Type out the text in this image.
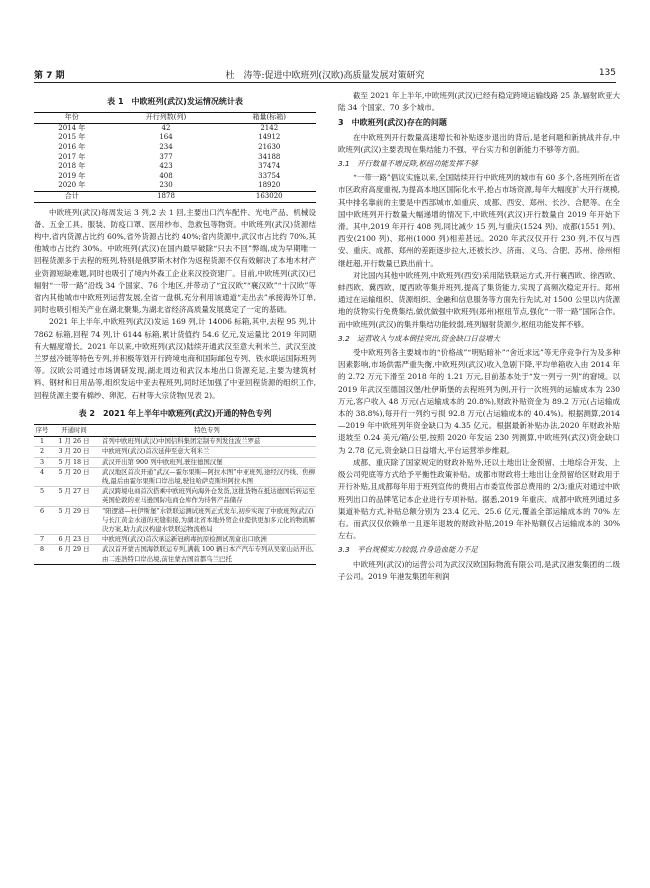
第 7 期	杜　涛等:促进中欧班列(汉欧)高质量发展对策研究	135
表 1　中欧班列(武汉)发运情况统计表
年份	开行列数(列)	箱量(标箱)
2014 年	42	2142
2015 年	164	14912
2016 年	234	21630
2017 年	377	34188
2018 年	423	37474
2019 年	408	33754
2020 年	230	18920
合计	1878	163020

中欧班列(武汉)每周发运 3 列,2 去 1 回,主要出口汽车配件、光电产品、机械设备、五金工具、服装、防疫口罩、医用纱布、急救包等物资。中欧班列(武汉)货源结构中,省内货源占比约 60%,省外货源占比约 40%;省内货源中,武汉市占比约 70%,其他城市占比约 30%。中欧班列(武汉)在国内最早破除“只去不回”弊端,成为早期唯一回程货源多于去程的班列,特别是俄罗斯木材作为返程货源不仅有效解决了本地木材产业资源短缺难题,同时也吸引了境内外森工企业来汉投资建厂。目前,中欧班列(武汉)已辐射“一带一路”沿线 34 个国家、76 个地区,并带动了“宜汉欧”“襄汉欧”“十汉欧”等省内其他城市中欧班列运营发展,全省一盘棋,充分利用该通道“走出去”承接海外订单,同时也吸引相关产业在湖北聚集,为湖北省经济高质量发展奠定了一定的基础。

2021 年上半年,中欧班列(武汉)发运 169 列,计 14006 标箱,其中,去程 95 列,计 7862 标箱,回程 74 列,计 6144 标箱,累计货值约 54.6 亿元,发运量比 2019 年同期有大幅度增长。2021 年以来,中欧班列(武汉)陆续开通武汉至意大利米兰、武汉至波兰罗兹冷链等特色专列,并积极等划开行跨境电商和国际邮包专列、铁水联运国际班列等。汉欧公司通过市场调研发现,湖北周边和武汉本地出口货源充足,主要为建筑材料、钢材和日用品等,组织发运中亚去程班列,同时还加强了中亚回程货源的组织工作,回程货源主要有棉纱、卵泥、石材等大宗货物(见表 2)。

表 2　2021 年上半年中欧班列(武汉)开通的特色专列
序号	开通时间	特色专列
1	1 月 26 日	首列中欧班列(武汉)中国信科集团定制专列发往波兰罗兹
2	3 月 20 日	中欧班列(武汉)首次延伸至意大利米兰
3	5 月 18 日	武汉开出第 900 列中欧班列,驶往德国汉堡
4	5 月 20 日	武汉地区首次开通“武汉—霍尔果斯—阿拉木图”中亚班列,途经汉丹线、焦柳线,最后由霍尔果斯口岸出境,驶往哈萨克斯坦阿拉木图
5	5 月 27 日	武汉跨境电商首次搭乘中欧班列向海外仓发货,这批货物在抵达德国后转运至英国伦敦的亚马逊国际电商仓库作为待售产品储存
6	5 月 29 日	“阳逻港—杜伊斯堡”水铁联运测试班列正式发车,初步实现了中欧班列(武汉)与长江黄金水道的无缝衔接,为湖北省本地外贸企业提供更加多元化的物流解决方案,助力武汉构建水铁联运物流格局
7	6 月 23 日	中欧班列(武汉)首次承运新冠病毒抗原检测试剂盒出口欧洲
8	6 月 29 日	武汉首开蒙古国海铁联运专列,满载 100 辆日本产汽车专列从吴家山站开出,由二连浩特口岸出境,前往蒙古国首都乌兰巴托

截至 2021 年上半年,中欧班列(武汉)已经有稳定跨境运输线路 25 条,辐射欧亚大陆 34 个国家、70 多个城市。

3　中欧班列(武汉)存在的问题

在中欧班列开行数量高速增长和补贴逐步退出的背后,是老问题和新挑战并存,中欧班列(武汉)主要表现在集结能力不强、平台实力和创新能力不够等方面。

3.1　开行数量不增反降,枢纽功能发挥不够

“一带一路”倡议实施以来,全国陆续开行中欧班列的城市有 60 多个,各班列所在省市区政府高度重视,为提高本地区国际化水平,抢占市场资源,每年大幅度扩大开行规模,其中排名靠前的主要是中西部城市,如重庆、成都、西安、郑州、长沙、合肥等。在全国中欧班列开行数量大幅递增的情况下,中欧班列(武汉)开行数量自 2019 年开始下滑。其中,2019 年开行 408 列,同比减少 15 列,与重庆(1524 列)、成都(1551 列)、西安(2100 列)、郑州(1000 列)相差甚远。2020 年武汉仅开行 230 列,不仅与西安、重庆、成都、郑州的差距逐步拉大,还被长沙、济南、义乌、合肥、苏州、徐州相继赶超,开行数量已跌出前十。

对比国内其他中欧班列,中欧班列(西安)采用陆铁联运方式,开行襄西欧、徐西欧、蚌西欧、冀西欧、厦西欧等集并班列,提高了集货能力,实现了高频次稳定开行。郑州通过在运输组织、货源组织、金融和信息服务等方面先行先试,对 1500 公里以内货源地的货物实行免费集结,做优做强中欧班列(郑州)枢纽节点,强化“一带一路”国际合作。而中欧班列(武汉)的集并集结功能较弱,班列辐射货源少,枢纽功能发挥不够。

3.2　运营收入与成本倒挂突出,资金缺口日益增大

受中欧班列各主要城市的“价格战”“明贴暗补”“舍近求远”等无序竞争行为及多种因素影响,市场供需严重失衡,中欧班列(武汉)收入急剧下降,平均单箱收入由 2014 年的 2.72 万元下滑至 2018 年的 1.21 万元,目前基本处于“发一列亏一列”的窘境。以 2019 年武汉至德国汉堡/杜伊斯堡的去程班列为例,开行一次班列的运输成本为 230 万元,客户收入 48 万元(占运输成本的 20.8%),财政补贴资金为 89.2 万元(占运输成本的 38.8%),每开行一列约亏损 92.8 万元(占运输成本的 40.4%)。根据测算,2014—2019 年中欧班列年资金缺口为 4.35 亿元。根据最新补贴办法,2020 年财政补贴退坡至 0.24 美元/箱/公里,按照 2020 年发运 230 列测算,中欧班列(武汉)资金缺口为 2.78 亿元,资金缺口日益增大,平台运营举步维艰。

成都、重庆除了国家规定的财政补贴外,还以土地出让金预留、土地综合开发、上级公司兜底等方式给予平衡性政策补贴。成都市财政将土地出让金预留给区财政用于开行补贴,且成都每年用于班列宣传的费用占市委宣传部总费用的 2/3;重庆对通过中欧班列出口的品牌笔记本企业进行专项补贴。据悉,2019 年重庆、成都中欧班列通过多渠道补贴方式,补贴总额分别为 23.4 亿元、25.6 亿元,覆盖全部运输成本的 70% 左右。而武汉仅依赖单一且逐年退坡的财政补贴,2019 年补贴额仅占运输成本的 30% 左右。

3.3　平台规模实力较弱,自身造血能力不足

中欧班列(武汉)的运营公司为武汉汉欧国际物流有限公司,是武汉港发集团的二级子公司。2019 年港发集团年利润
